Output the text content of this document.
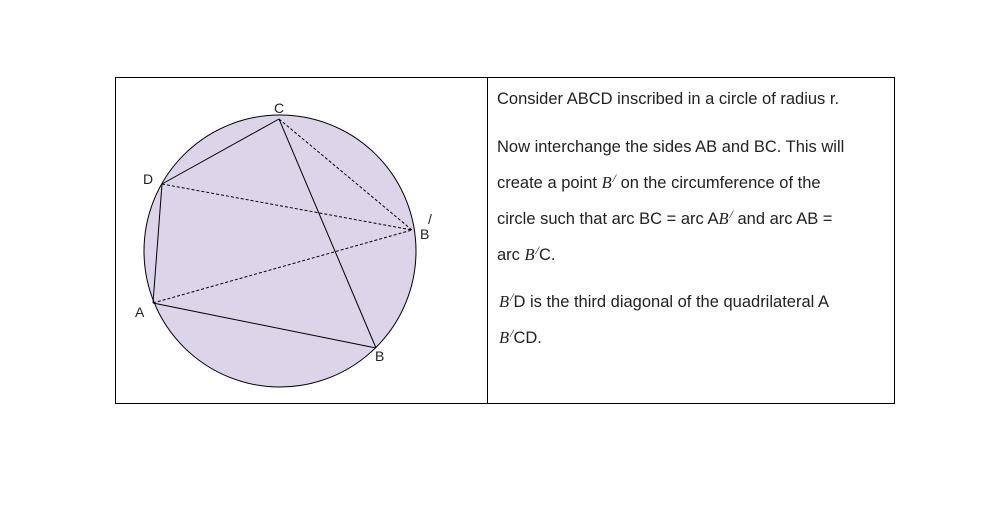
C
D
A
B
B
/

Consider ABCD inscribed in a circle of radius r.

Now interchange the sides AB and BC. This will
create a point B/ on the circumference of the
circle such that arc BC = arc AB/ and arc AB =
arc B/C.

B/D is the third diagonal of the quadrilateral A
B/CD.
